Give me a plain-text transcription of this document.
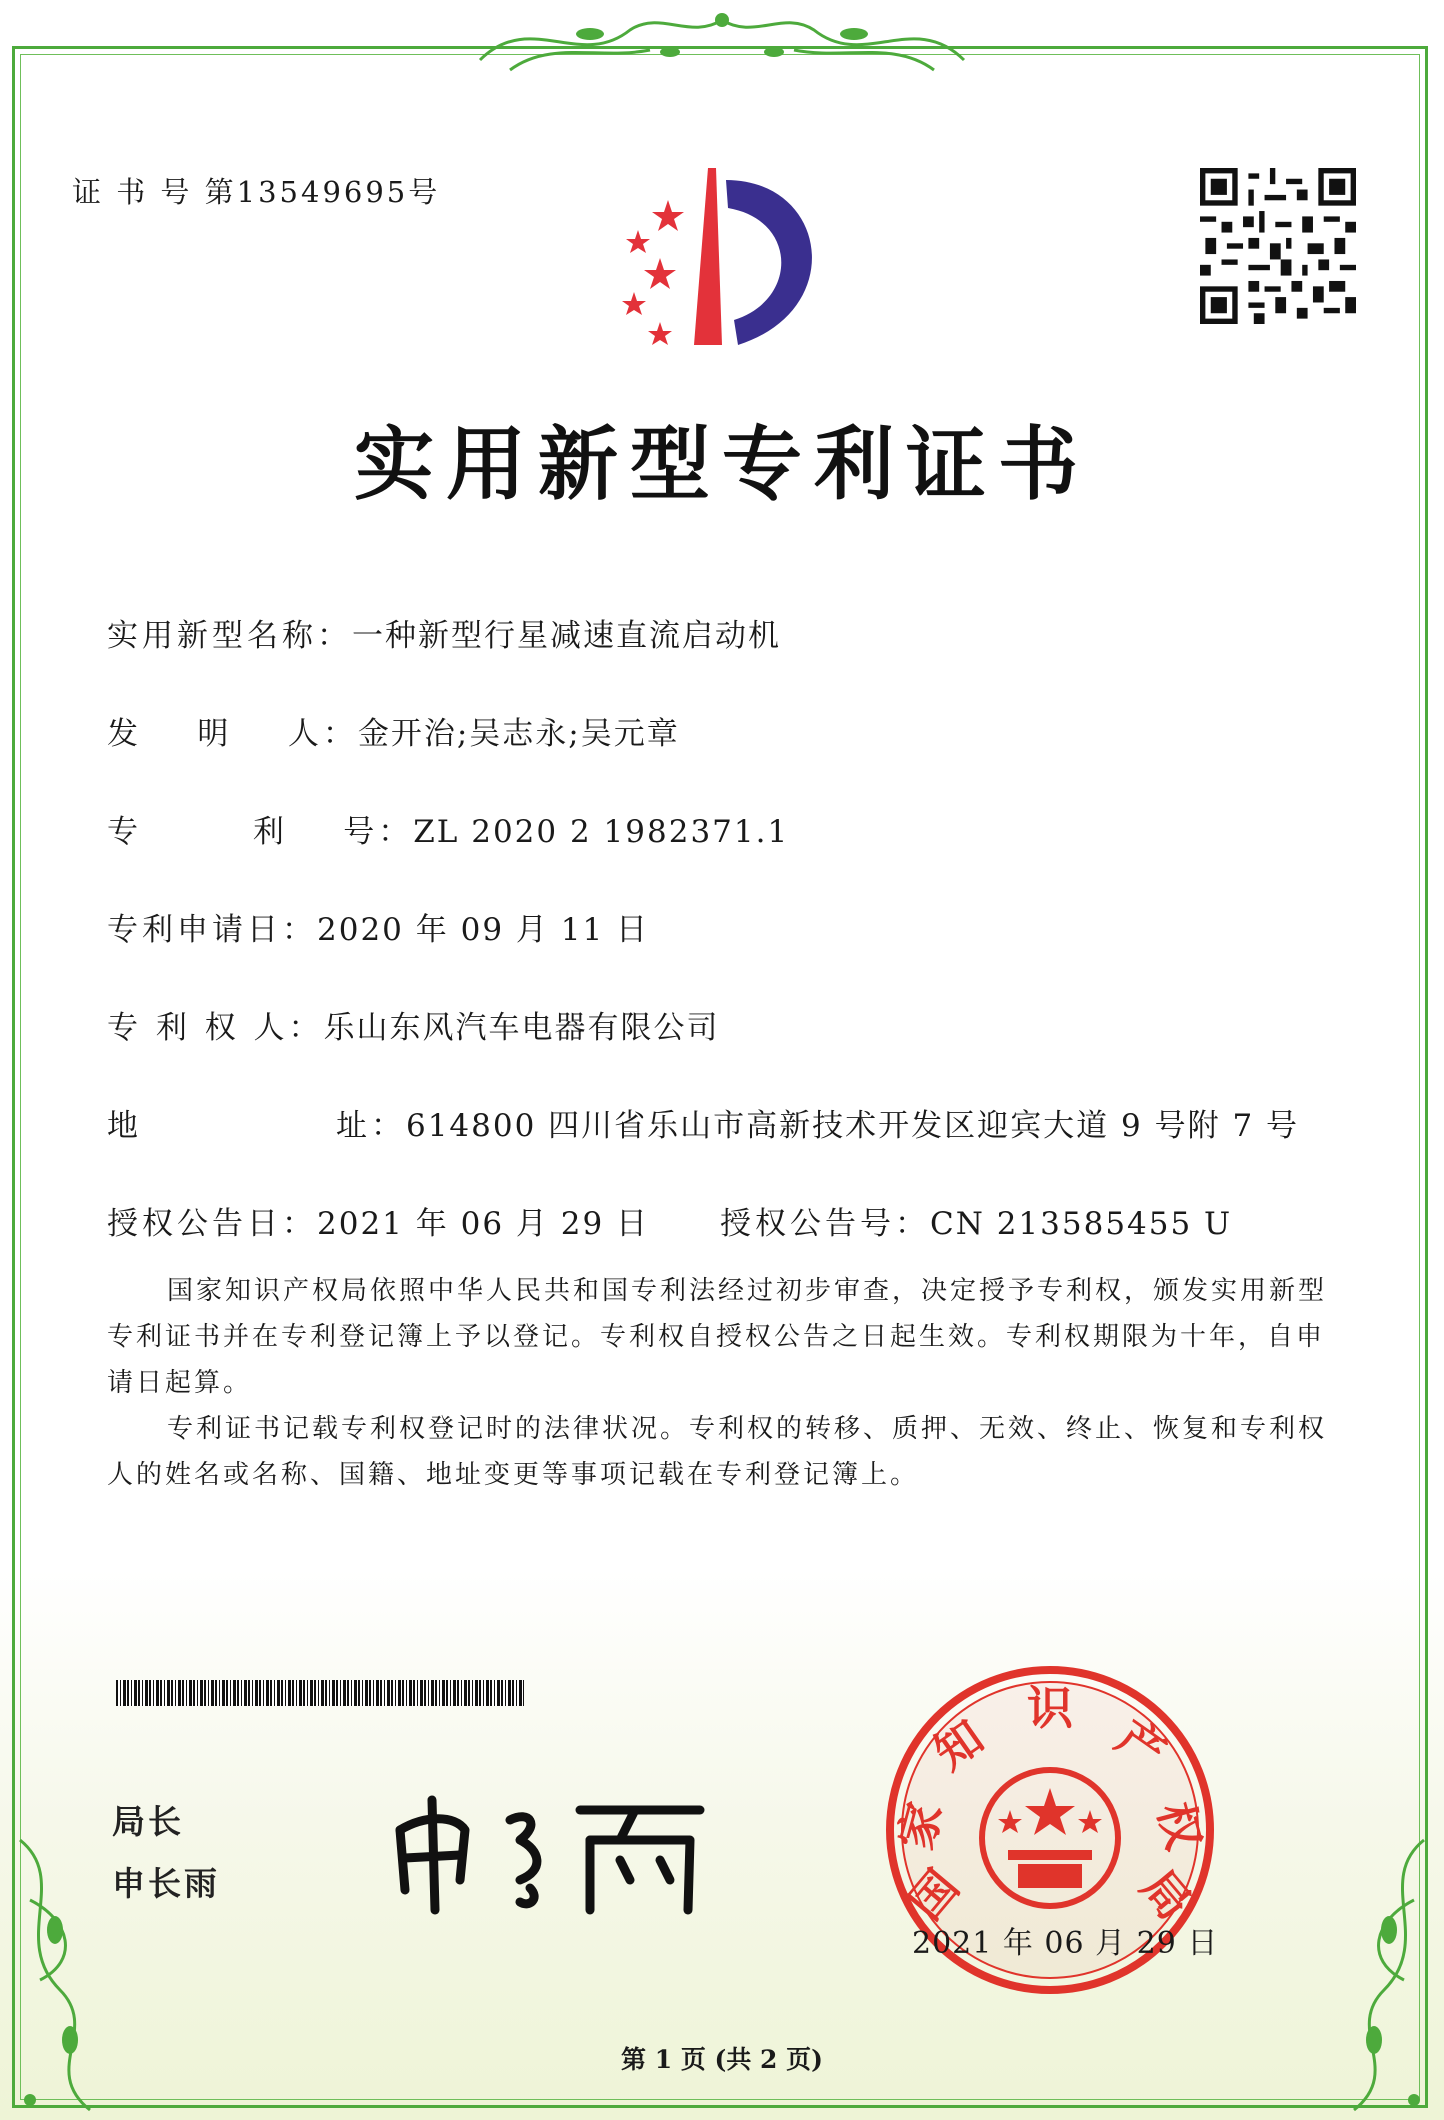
证 书 号 第13549695号
实用新型专利证书
实用新型名称：一种新型行星减速直流启动机
发    明    人：金开治;吴志永;吴元章
专        利    号：ZL 2020 2 1982371.1
专利申请日：2020 年 09 月 11 日
专 利 权 人：乐山东风汽车电器有限公司
地              址：614800 四川省乐山市高新技术开发区迎宾大道 9 号附 7 号
授权公告日：2021 年 06 月 29 日 授权公告号：CN 213585455 U
国家知识产权局依照中华人民共和国专利法经过初步审查，决定授予专利权，颁发实用新型专利证书并在专利登记簿上予以登记。专利权自授权公告之日起生效。专利权期限为十年，自申请日起算。
专利证书记载专利权登记时的法律状况。专利权的转移、质押、无效、终止、恢复和专利权人的姓名或名称、国籍、地址变更等事项记载在专利登记簿上。
局长
申长雨	国
家
知
识
产
权
局
2021 年 06 月 29 日
第 1 页 (共 2 页)
